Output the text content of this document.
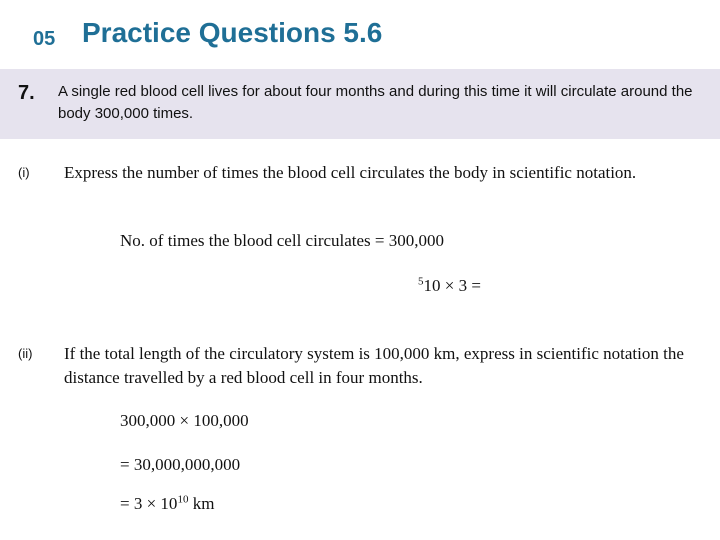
05 Practice Questions 5.6
7. A single red blood cell lives for about four months and during this time it will circulate around the body 300,000 times.
(i) Express the number of times the blood cell circulates the body in scientific notation.
No. of times the blood cell circulates = 300,000
$^5$10 × 3 =
(ii) If the total length of the circulatory system is 100,000 km, express in scientific notation the distance travelled by a red blood cell in four months.
300,000 × 100,000
= 30,000,000,000
= $3 \times 10^{10}$ km
